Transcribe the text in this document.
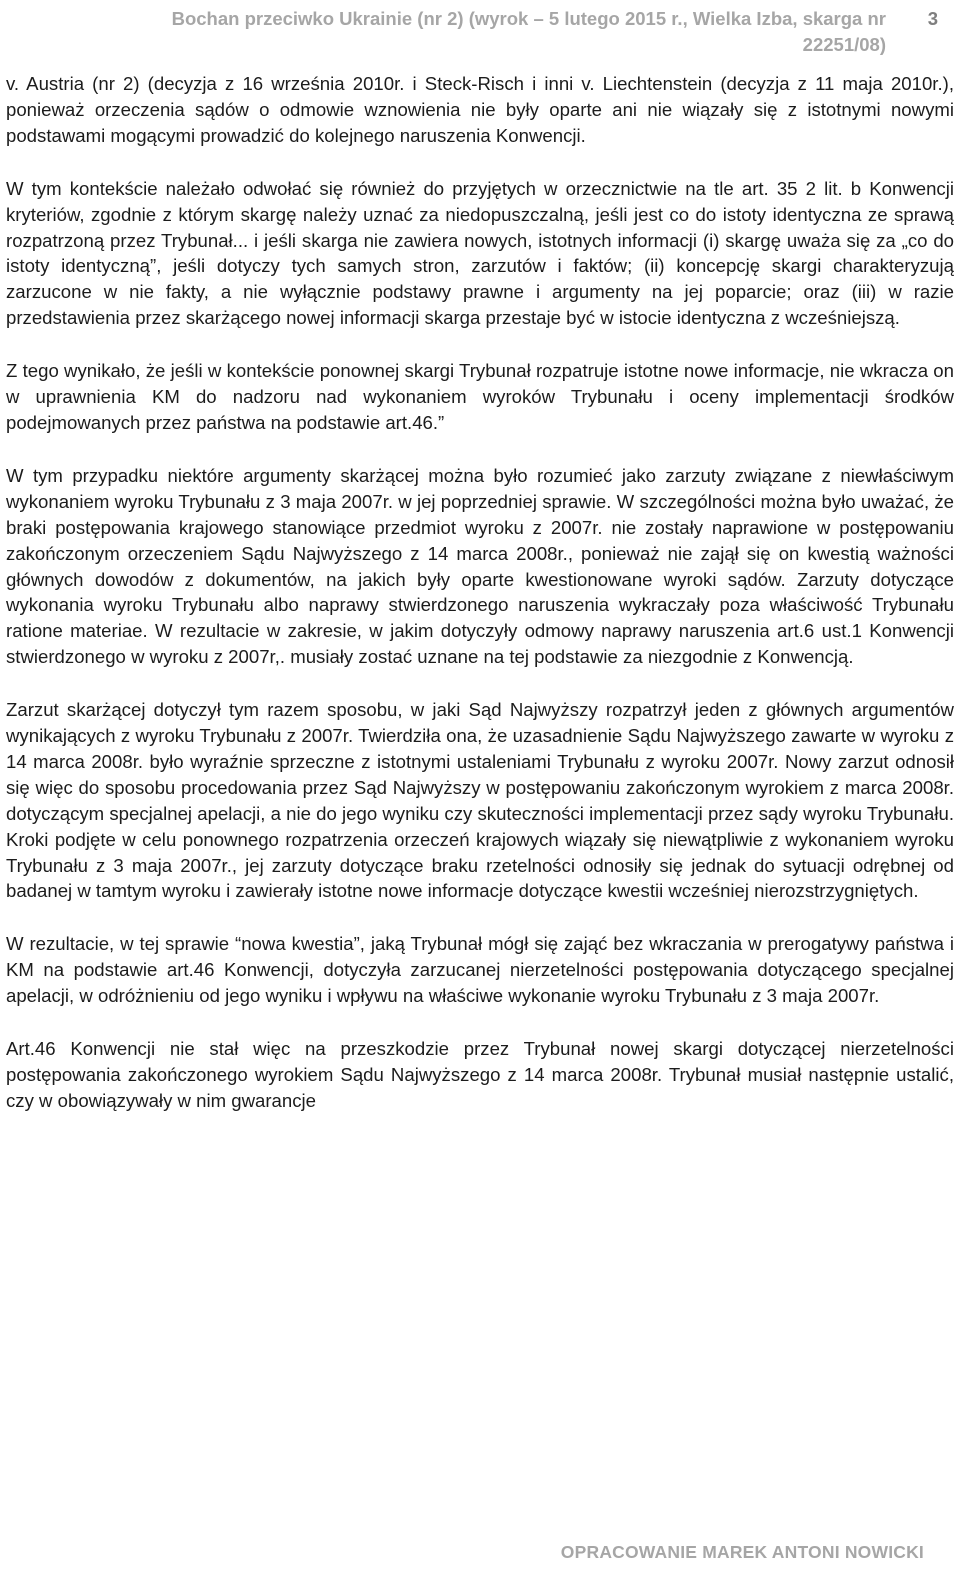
Bochan przeciwko Ukrainie (nr 2) (wyrok – 5 lutego 2015 r., Wielka Izba, skarga nr
22251/08)
3

v. Austria (nr 2) (decyzja z 16 września 2010r. i Steck-Risch i inni v. Liechtenstein (decyzja z 11 maja 2010r.), ponieważ orzeczenia sądów o odmowie wznowienia nie były oparte ani nie wiązały się z istotnymi nowymi podstawami mogącymi prowadzić do kolejnego naruszenia Konwencji.

W tym kontekście należało odwołać się również do przyjętych w orzecznictwie na tle art. 35 2 lit. b Konwencji kryteriów, zgodnie z którym skargę należy uznać za niedopuszczalną, jeśli jest co do istoty identyczna ze sprawą rozpatrzoną przez Trybunał... i jeśli skarga nie zawiera nowych, istotnych informacji (i) skargę uważa się za „co do istoty identyczną”, jeśli dotyczy tych samych stron, zarzutów i faktów; (ii) koncepcję skargi charakteryzują zarzucone w nie fakty, a nie wyłącznie podstawy prawne i argumenty na jej poparcie; oraz (iii) w razie przedstawienia przez skarżącego nowej informacji skarga przestaje być w istocie identyczna z wcześniejszą.

Z tego wynikało, że jeśli w kontekście ponownej skargi Trybunał rozpatruje istotne nowe informacje, nie wkracza on w uprawnienia KM do nadzoru nad wykonaniem wyroków Trybunału i oceny implementacji środków podejmowanych przez państwa na podstawie art.46.”

W tym przypadku niektóre argumenty skarżącej można było rozumieć jako zarzuty związane z niewłaściwym wykonaniem wyroku Trybunału z 3 maja 2007r. w jej poprzedniej sprawie. W szczególności można było uważać, że braki postępowania krajowego stanowiące przedmiot wyroku z 2007r. nie zostały naprawione w postępowaniu zakończonym orzeczeniem Sądu Najwyższego z 14 marca 2008r., ponieważ nie zajął się on kwestią ważności głównych dowodów z dokumentów, na jakich były oparte kwestionowane wyroki sądów. Zarzuty dotyczące wykonania wyroku Trybunału albo naprawy stwierdzonego naruszenia wykraczały poza właściwość Trybunału ratione materiae. W rezultacie w zakresie, w jakim dotyczyły odmowy naprawy naruszenia art.6 ust.1 Konwencji stwierdzonego w wyroku z 2007r,. musiały zostać uznane na tej podstawie za niezgodnie z Konwencją.

Zarzut skarżącej dotyczył tym razem sposobu, w jaki Sąd Najwyższy rozpatrzył jeden z głównych argumentów wynikających z wyroku Trybunału z 2007r. Twierdziła ona, że uzasadnienie Sądu Najwyższego zawarte w wyroku z 14 marca 2008r. było wyraźnie sprzeczne z istotnymi ustaleniami Trybunału z wyroku 2007r. Nowy zarzut odnosił się więc do sposobu procedowania przez Sąd Najwyższy w postępowaniu zakończonym wyrokiem z marca 2008r. dotyczącym specjalnej apelacji, a nie do jego wyniku czy skuteczności implementacji przez sądy wyroku Trybunału. Kroki podjęte w celu ponownego rozpatrzenia orzeczeń krajowych wiązały się niewątpliwie z wykonaniem wyroku Trybunału z 3 maja 2007r., jej zarzuty dotyczące braku rzetelności odnosiły się jednak do sytuacji odrębnej od badanej w tamtym wyroku i zawierały istotne nowe informacje dotyczące kwestii wcześniej nierozstrzygniętych.

W rezultacie, w tej sprawie “nowa kwestia”, jaką Trybunał mógł się zająć bez wkraczania w prerogatywy państwa i KM na podstawie art.46 Konwencji, dotyczyła zarzucanej nierzetelności postępowania dotyczącego specjalnej apelacji, w odróżnieniu od jego wyniku i wpływu na właściwe wykonanie wyroku Trybunału z 3 maja 2007r.

Art.46 Konwencji nie stał więc na przeszkodzie przez Trybunał nowej skargi dotyczącej nierzetelności postępowania zakończonego wyrokiem Sądu Najwyższego z 14 marca 2008r. Trybunał musiał następnie ustalić, czy w obowiązywały w nim gwarancje

OPRACOWANIE MAREK ANTONI NOWICKI
